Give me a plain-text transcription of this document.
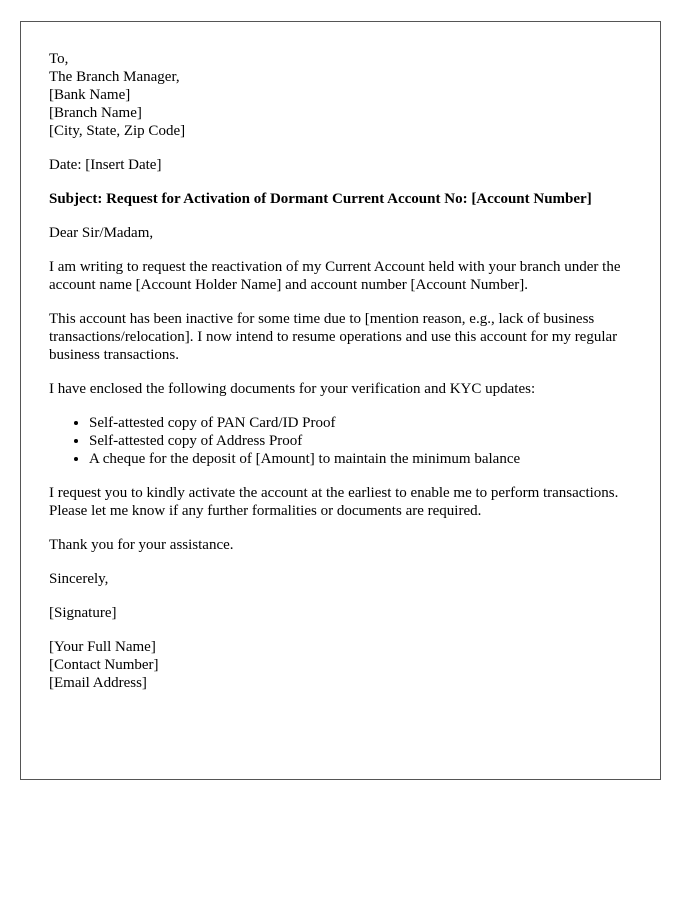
To,
The Branch Manager,
[Bank Name]
[Branch Name]
[City, State, Zip Code]

Date: [Insert Date]

Subject: Request for Activation of Dormant Current Account No: [Account Number]

Dear Sir/Madam,

I am writing to request the reactivation of my Current Account held with your branch under the account name [Account Holder Name] and account number [Account Number].

This account has been inactive for some time due to [mention reason, e.g., lack of business transactions/relocation]. I now intend to resume operations and use this account for my regular business transactions.

I have enclosed the following documents for your verification and KYC updates:

• Self-attested copy of PAN Card/ID Proof
• Self-attested copy of Address Proof
• A cheque for the deposit of [Amount] to maintain the minimum balance

I request you to kindly activate the account at the earliest to enable me to perform transactions. Please let me know if any further formalities or documents are required.

Thank you for your assistance.

Sincerely,

[Signature]

[Your Full Name]
[Contact Number]
[Email Address]
